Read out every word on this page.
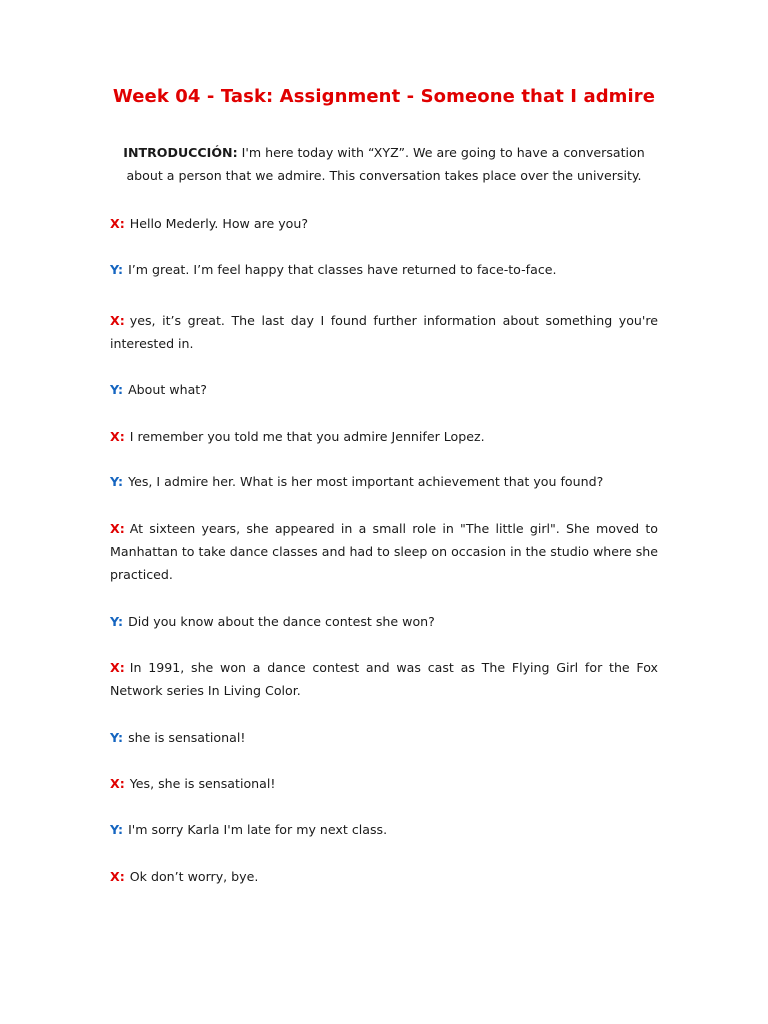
Week 04 - Task: Assignment - Someone that I admire
INTRODUCCIÓN: I'm here today with “XYZ”. We are going to have a conversation about a person that we admire. This conversation takes place over the university.
X: Hello Mederly. How are you?
Y: I’m great. I’m feel happy that classes have returned to face-to-face.
X: yes, it’s great. The last day I found further information about something you're interested in.
Y: About what?
X: I remember you told me that you admire Jennifer Lopez.
Y: Yes, I admire her. What is her most important achievement that you found?
X: At sixteen years, she appeared in a small role in "The little girl". She moved to Manhattan to take dance classes and had to sleep on occasion in the studio where she practiced.
Y: Did you know about the dance contest she won?
X: In 1991, she won a dance contest and was cast as The Flying Girl for the Fox Network series In Living Color.
Y: she is sensational!
X: Yes, she is sensational!
Y: I'm sorry Karla I'm late for my next class.
X: Ok don’t worry, bye.
